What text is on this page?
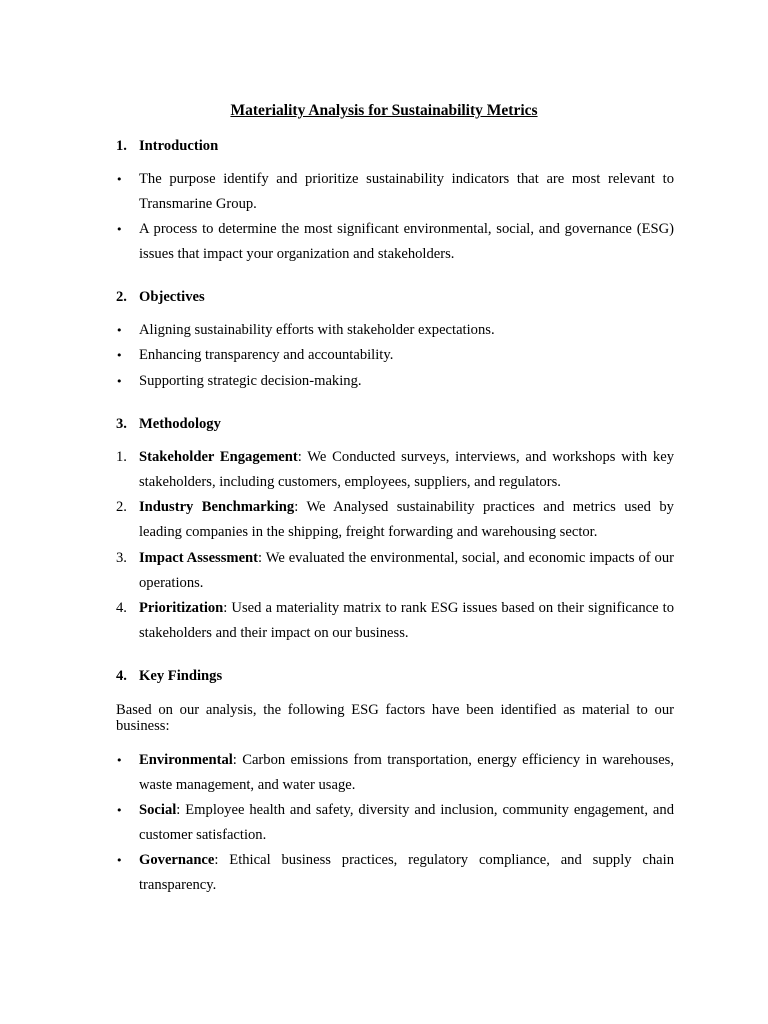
Materiality Analysis for Sustainability Metrics
1. Introduction
•	The purpose identify and prioritize sustainability indicators that are most relevant to Transmarine Group.
•	A process to determine the most significant environmental, social, and governance (ESG) issues that impact your organization and stakeholders.
2. Objectives
•	Aligning sustainability efforts with stakeholder expectations.
•	Enhancing transparency and accountability.
•	Supporting strategic decision-making.
3. Methodology
1. Stakeholder Engagement: We Conducted surveys, interviews, and workshops with key stakeholders, including customers, employees, suppliers, and regulators.
2. Industry Benchmarking: We Analysed sustainability practices and metrics used by leading companies in the shipping, freight forwarding and warehousing sector.
3. Impact Assessment: We evaluated the environmental, social, and economic impacts of our operations.
4. Prioritization: Used a materiality matrix to rank ESG issues based on their significance to stakeholders and their impact on our business.
4. Key Findings
Based on our analysis, the following ESG factors have been identified as material to our business:
•	Environmental: Carbon emissions from transportation, energy efficiency in warehouses, waste management, and water usage.
•	Social: Employee health and safety, diversity and inclusion, community engagement, and customer satisfaction.
•	Governance: Ethical business practices, regulatory compliance, and supply chain transparency.
